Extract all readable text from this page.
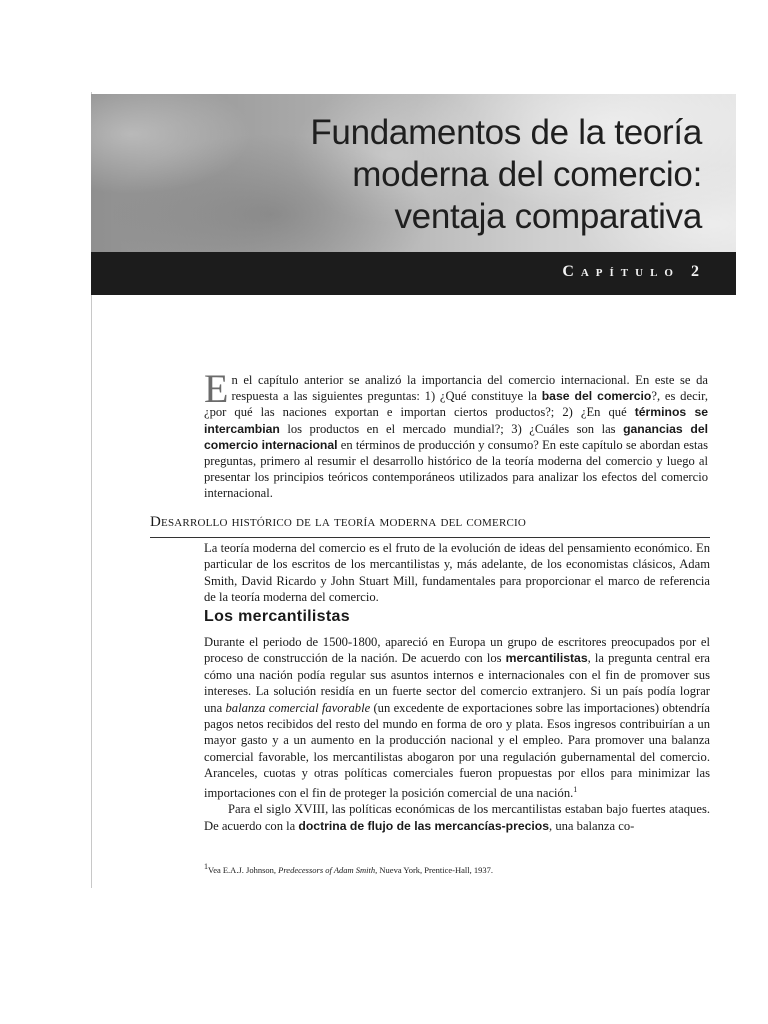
Fundamentos de la teoría
moderna del comercio:
ventaja comparativa
Capítulo 2
En el capítulo anterior se analizó la importancia del comercio internacional. En este se da respuesta a las siguientes preguntas: 1) ¿Qué constituye la base del comercio?, es decir, ¿por qué las naciones exportan e importan ciertos productos?; 2) ¿En qué términos se intercambian los productos en el mercado mundial?; 3) ¿Cuáles son las ganancias del comercio internacional en términos de producción y consumo? En este capítulo se abordan estas preguntas, primero al resumir el desarrollo histórico de la teoría moderna del comercio y luego al presentar los principios teóricos contemporáneos utilizados para analizar los efectos del comercio internacional.
Desarrollo histórico de la teoría moderna del comercio
La teoría moderna del comercio es el fruto de la evolución de ideas del pensamiento económico. En particular de los escritos de los mercantilistas y, más adelante, de los economistas clásicos, Adam Smith, David Ricardo y John Stuart Mill, fundamentales para proporcionar el marco de referencia de la teoría moderna del comercio.
Los mercantilistas

Durante el periodo de 1500-1800, apareció en Europa un grupo de escritores preocupados por el proceso de construcción de la nación. De acuerdo con los mercantilistas, la pregunta central era cómo una nación podía regular sus asuntos internos e internacionales con el fin de promover sus intereses. La solución residía en un fuerte sector del comercio extranjero. Si un país podía lograr una balanza comercial favorable (un excedente de exportaciones sobre las importaciones) obtendría pagos netos recibidos del resto del mundo en forma de oro y plata. Esos ingresos contribuirían a un mayor gasto y a un aumento en la producción nacional y el empleo. Para promover una balanza comercial favorable, los mercantilistas abogaron por una regulación gubernamental del comercio. Aranceles, cuotas y otras políticas comerciales fueron propuestas por ellos para minimizar las importaciones con el fin de proteger la posición comercial de una nación.$^1$

Para el siglo XVIII, las políticas económicas de los mercantilistas estaban bajo fuertes ataques. De acuerdo con la doctrina de flujo de las mercancías-precios, una balanza co-

$^1$Vea E.A.J. Johnson, Predecessors of Adam Smith, Nueva York, Prentice-Hall, 1937.
